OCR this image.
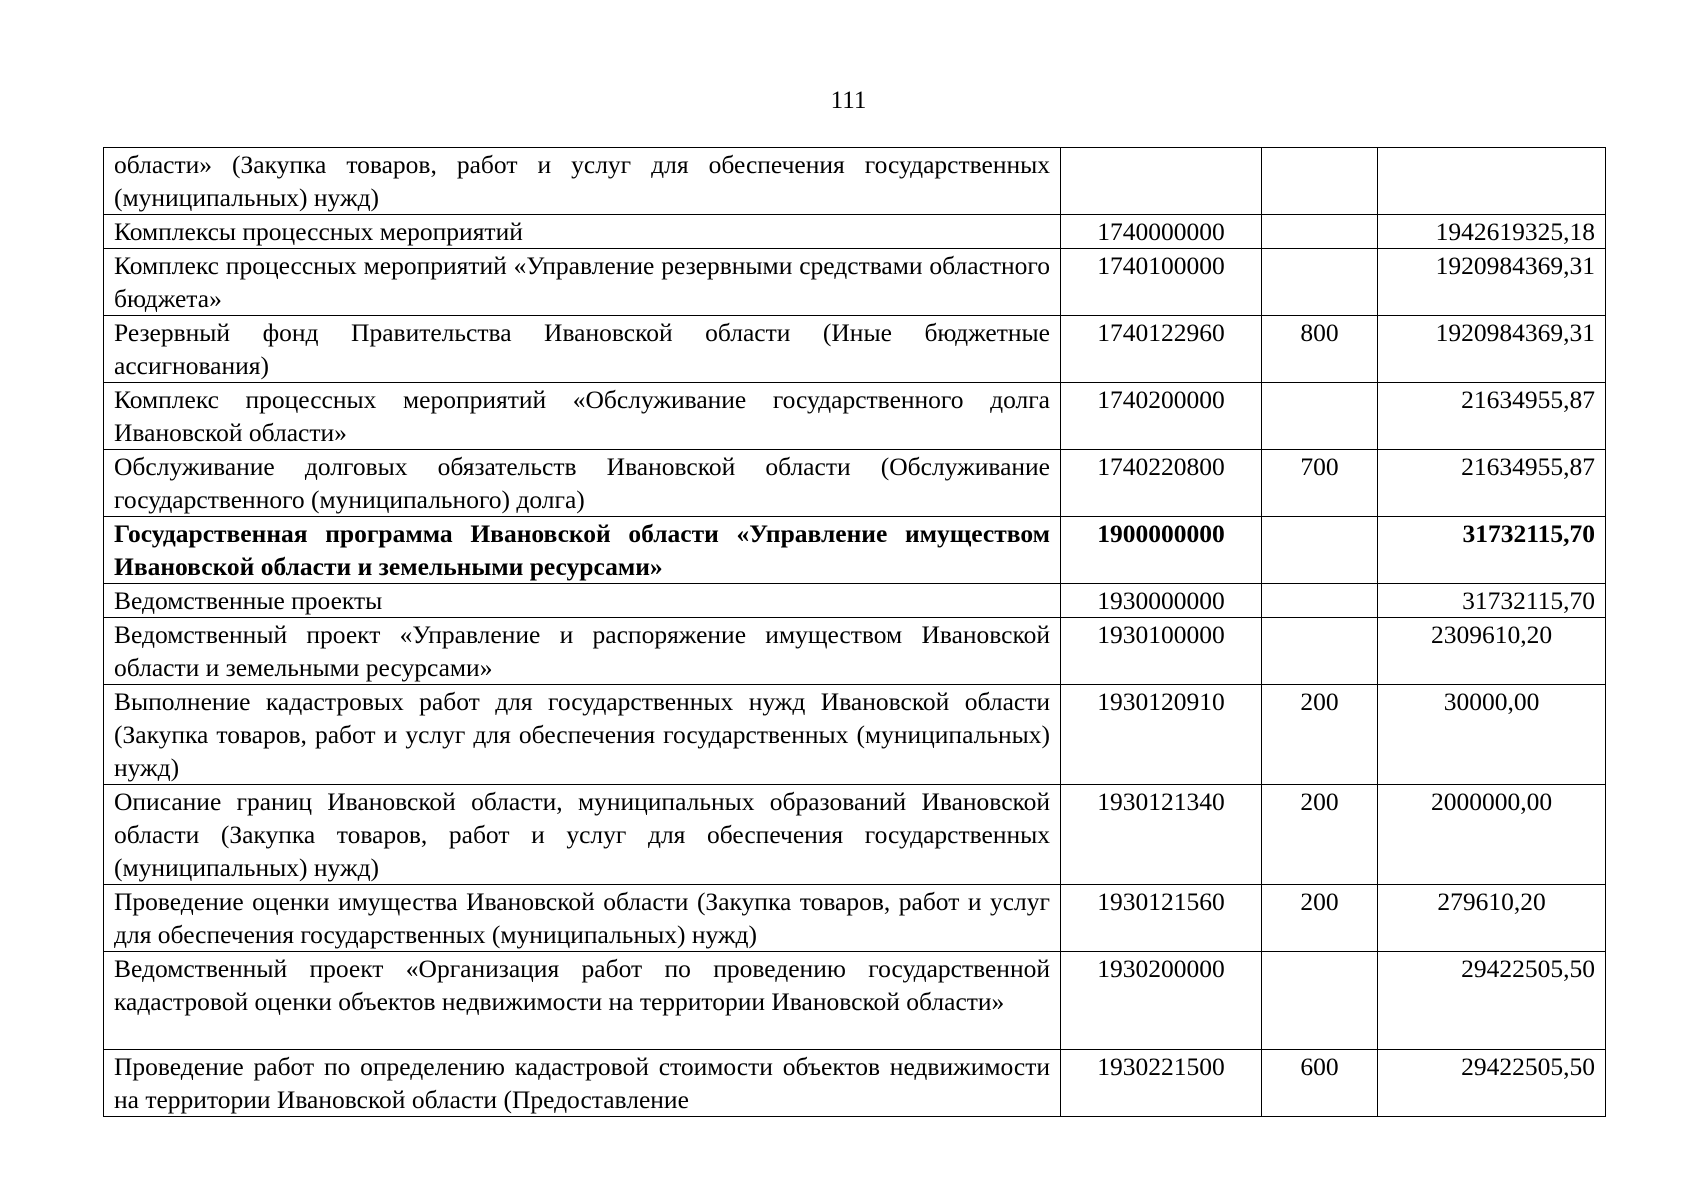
111
области» (Закупка товаров, работ и услуг для обеспечения государственных (муниципальных) нужд)			
Комплексы процессных мероприятий	1740000000		1942619325,18
Комплекс процессных мероприятий «Управление резервными средствами областного бюджета»	1740100000		1920984369,31
Резервный фонд Правительства Ивановской области (Иные бюджетные ассигнования)	1740122960	800	1920984369,31
Комплекс процессных мероприятий «Обслуживание государственного долга Ивановской области»	1740200000		21634955,87
Обслуживание долговых обязательств Ивановской области (Обслуживание государственного (муниципального) долга)	1740220800	700	21634955,87
Государственная программа Ивановской области «Управление имуществом Ивановской области и земельными ресурсами»	1900000000		31732115,70
Ведомственные проекты	1930000000		31732115,70
Ведомственный проект «Управление и распоряжение имуществом Ивановской области и земельными ресурсами»	1930100000		2309610,20
Выполнение кадастровых работ для государственных нужд Ивановской области (Закупка товаров, работ и услуг для обеспечения государственных (муниципальных) нужд)	1930120910	200	30000,00
Описание границ Ивановской области, муниципальных образований Ивановской области (Закупка товаров, работ и услуг для обеспечения государственных (муниципальных) нужд)	1930121340	200	2000000,00
Проведение оценки имущества Ивановской области (Закупка товаров, работ и услуг для обеспечения государственных (муниципальных) нужд)	1930121560	200	279610,20
Ведомственный проект «Организация работ по проведению государственной кадастровой оценки объектов недвижимости на территории Ивановской области»	1930200000		29422505,50
Проведение работ по определению кадастровой стоимости объектов недвижимости на территории Ивановской области (Предоставление	1930221500	600	29422505,50
